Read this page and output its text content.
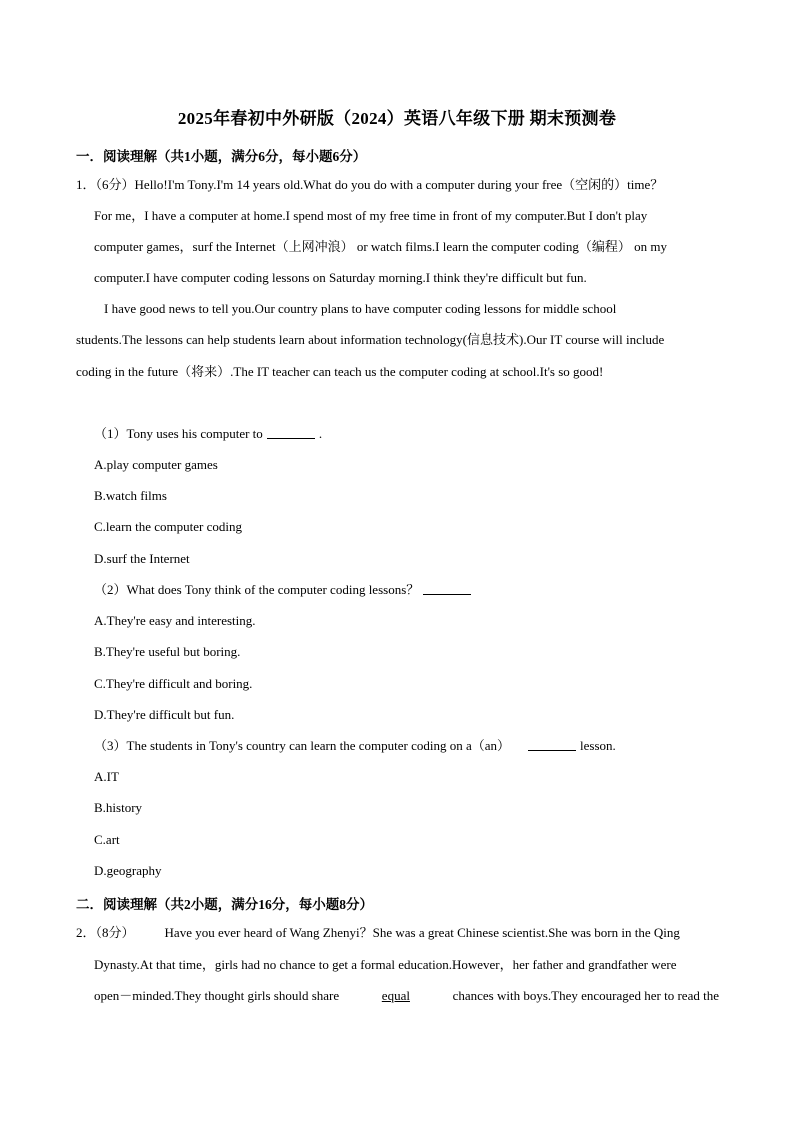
2025年春初中外研版（2024）英语八年级下册 期末预测卷
一．阅读理解（共1小题，满分6分，每小题6分）
1．（6分）Hello!I'm Tony.I'm 14 years old.What do you do with a computer during your free（空闲的）time？
For me，I have a computer at home.I spend most of my free time in front of my computer.But I don't play
computer games，surf the Internet（上网冲浪） or watch films.I learn the computer coding（编程） on my
computer.I have computer coding lessons on Saturday morning.I think they're difficult but fun.
I have good news to tell you.Our country plans to have computer coding lessons for middle school
students.The lessons can help students learn about information technology(信息技术).Our IT course will include
coding in the future（将来）.The IT teacher can teach us the computer coding at school.It's so good!
（1）Tony uses his computer to	.
A.play computer games
B.watch films
C.learn the computer coding
D.surf the Internet
（2）What does Tony think of the computer coding lessons？
A.They're easy and interesting.
B.They're useful but boring.
C.They're difficult and boring.
D.They're difficult but fun.
（3）The students in Tony's country can learn the computer coding on a（an）	lesson.
A.IT
B.history
C.art
D.geography
二．阅读理解（共2小题，满分16分，每小题8分）
2．（8分） Have you ever heard of Wang Zhenyi？She was a great Chinese scientist.She was born in the Qing
Dynasty.At that time，girls had no chance to get a formal education.However，her father and grandfather were
open－minded.They thought girls should share	equal	chances with boys.They encouraged her to read the
